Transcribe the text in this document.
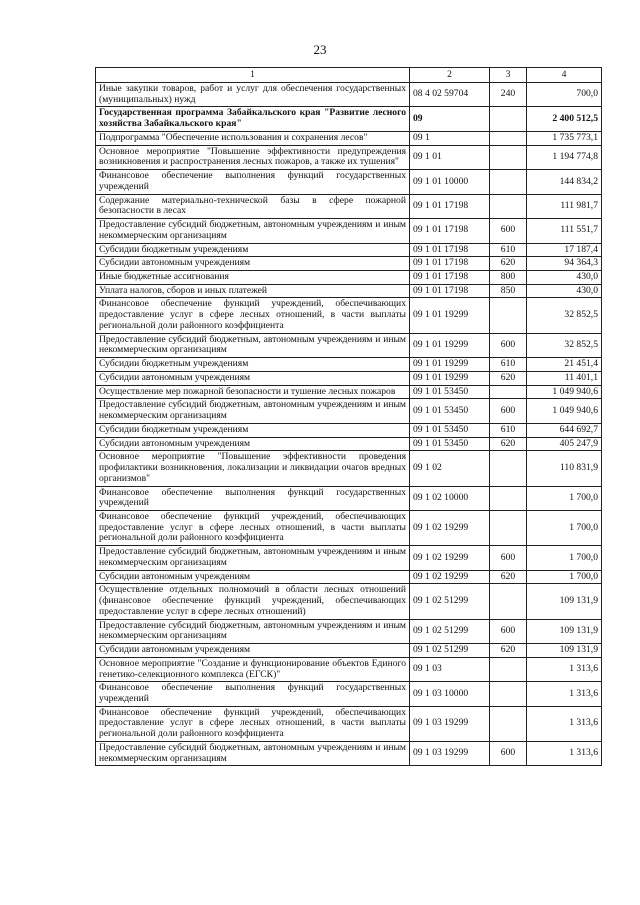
23
1	2	3	4
Иные закупки товаров, работ и услуг для обеспечения государственных (муниципальных) нужд	08 4 02 59704	240	700,0
Государственная программа Забайкальского края "Развитие лесного хозяйства Забайкальского края"	09		2 400 512,5
Подпрограмма "Обеспечение использования и сохранения лесов"	09 1		1 735 773,1
Основное мероприятие "Повышение эффективности предупреждения возникновения и распространения лесных пожаров, а также их тушения"	09 1 01		1 194 774,8
Финансовое обеспечение выполнения функций государственных учреждений	09 1 01 10000		144 834,2
Содержание материально-технической базы в сфере пожарной безопасности в лесах	09 1 01 17198		111 981,7
Предоставление субсидий бюджетным, автономным учреждениям и иным некоммерческим организациям	09 1 01 17198	600	111 551,7
Субсидии бюджетным учреждениям	09 1 01 17198	610	17 187,4
Субсидии автономным учреждениям	09 1 01 17198	620	94 364,3
Иные бюджетные ассигнования	09 1 01 17198	800	430,0
Уплата налогов, сборов и иных платежей	09 1 01 17198	850	430,0
Финансовое обеспечение функций учреждений, обеспечивающих предоставление услуг в сфере лесных отношений, в части выплаты региональной доли районного коэффициента	09 1 01 19299		32 852,5
Предоставление субсидий бюджетным, автономным учреждениям и иным некоммерческим организациям	09 1 01 19299	600	32 852,5
Субсидии бюджетным учреждениям	09 1 01 19299	610	21 451,4
Субсидии автономным учреждениям	09 1 01 19299	620	11 401,1
Осуществление мер пожарной безопасности и тушение лесных пожаров	09 1 01 53450		1 049 940,6
Предоставление субсидий бюджетным, автономным учреждениям и иным некоммерческим организациям	09 1 01 53450	600	1 049 940,6
Субсидии бюджетным учреждениям	09 1 01 53450	610	644 692,7
Субсидии автономным учреждениям	09 1 01 53450	620	405 247,9
Основное мероприятие "Повышение эффективности проведения профилактики возникновения, локализации и ликвидации очагов вредных организмов"	09 1 02		110 831,9
Финансовое обеспечение выполнения функций государственных учреждений	09 1 02 10000		1 700,0
Финансовое обеспечение функций учреждений, обеспечивающих предоставление услуг в сфере лесных отношений, в части выплаты региональной доли районного коэффициента	09 1 02 19299		1 700,0
Предоставление субсидий бюджетным, автономным учреждениям и иным некоммерческим организациям	09 1 02 19299	600	1 700,0
Субсидии автономным учреждениям	09 1 02 19299	620	1 700,0
Осуществление отдельных полномочий в области лесных отношений (финансовое обеспечение функций учреждений, обеспечивающих предоставление услуг в сфере лесных отношений)	09 1 02 51299		109 131,9
Предоставление субсидий бюджетным, автономным учреждениям и иным некоммерческим организациям	09 1 02 51299	600	109 131,9
Субсидии автономным учреждениям	09 1 02 51299	620	109 131,9
Основное мероприятие "Создание и функционирование объектов Единого генетико-селекционного комплекса (ЕГСК)"	09 1 03		1 313,6
Финансовое обеспечение выполнения функций государственных учреждений	09 1 03 10000		1 313,6
Финансовое обеспечение функций учреждений, обеспечивающих предоставление услуг в сфере лесных отношений, в части выплаты региональной доли районного коэффициента	09 1 03 19299		1 313,6
Предоставление субсидий бюджетным, автономным учреждениям и иным некоммерческим организациям	09 1 03 19299	600	1 313,6
